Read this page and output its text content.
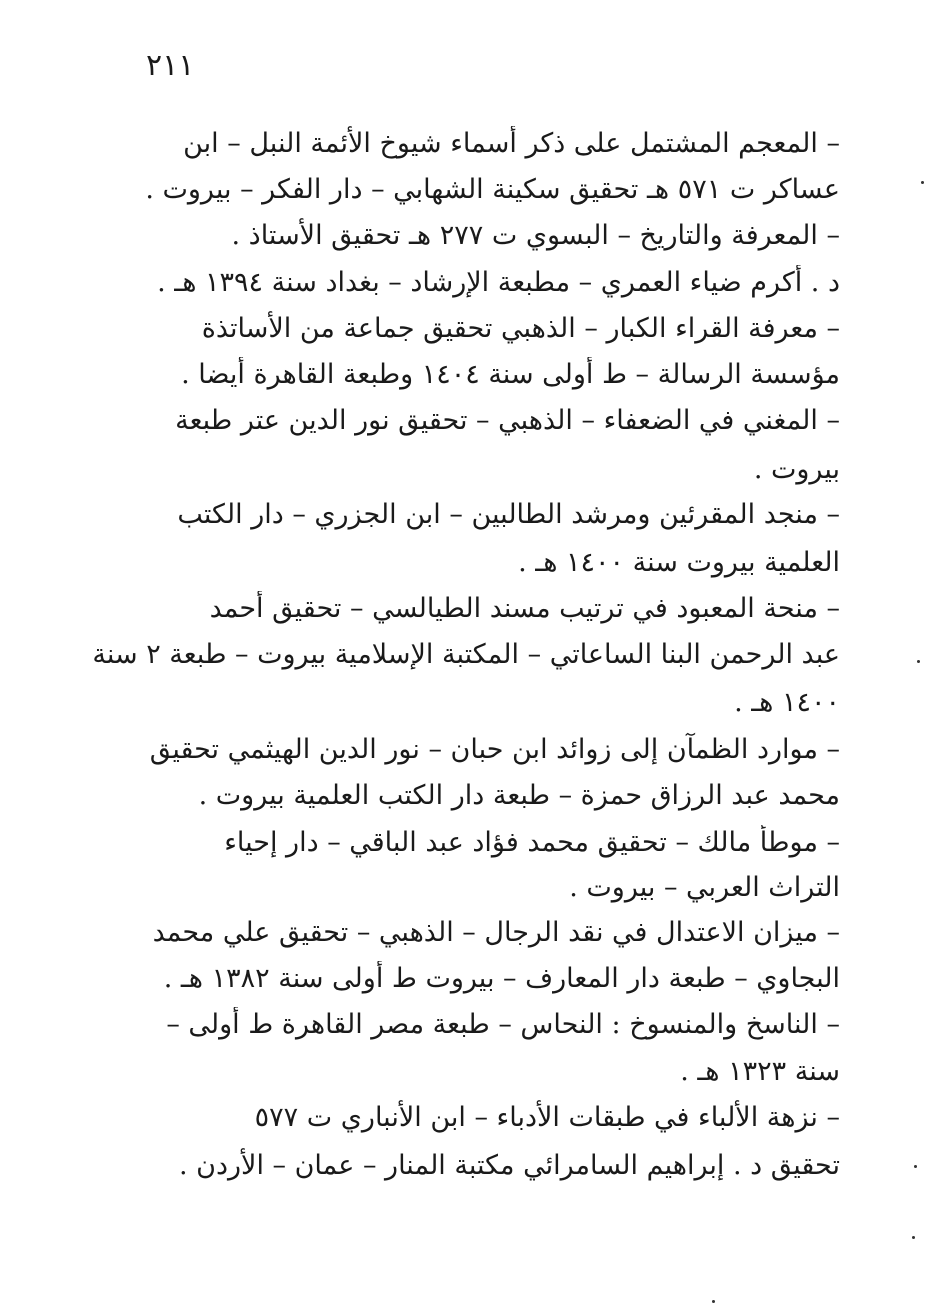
٢١١
– المعجم المشتمل على ذكر أسماء شيوخ الأئمة النبل – ابن
عساكر ت ٥٧١ هـ تحقيق سكينة الشهابي – دار الفكر – بيروت .
– المعرفة والتاريخ – البسوي ت ٢٧٧ هـ تحقيق الأستاذ .
د . أكرم ضياء العمري – مطبعة الإرشاد – بغداد سنة ١٣٩٤ هـ .
– معرفة القراء الكبار – الذهبي تحقيق جماعة من الأساتذة
مؤسسة الرسالة – ط أولى سنة ١٤٠٤ وطبعة القاهرة أيضا .
– المغني في الضعفاء – الذهبي – تحقيق نور الدين عتر طبعة
بيروت .
– منجد المقرئين ومرشد الطالبين – ابن الجزري – دار الكتب
العلمية بيروت سنة ١٤٠٠ هـ .
– منحة المعبود في ترتيب مسند الطيالسي – تحقيق أحمد
عبد الرحمن البنا الساعاتي – المكتبة الإسلامية بيروت – طبعة ٢ سنة
١٤٠٠ هـ .
– موارد الظمآن إلى زوائد ابن حبان – نور الدين الهيثمي تحقيق
محمد عبد الرزاق حمزة – طبعة دار الكتب العلمية بيروت .
– موطأ مالك – تحقيق محمد فؤاد عبد الباقي – دار إحياء
التراث العربي – بيروت .
– ميزان الاعتدال في نقد الرجال – الذهبي – تحقيق علي محمد
البجاوي – طبعة دار المعارف – بيروت ط أولى سنة ١٣٨٢ هـ .
– الناسخ والمنسوخ : النحاس – طبعة مصر القاهرة ط أولى –
سنة ١٣٢٣ هـ .
– نزهة الألباء في طبقات الأدباء – ابن الأنباري ت ٥٧٧
تحقيق د . إبراهيم السامرائي مكتبة المنار – عمان – الأردن .
